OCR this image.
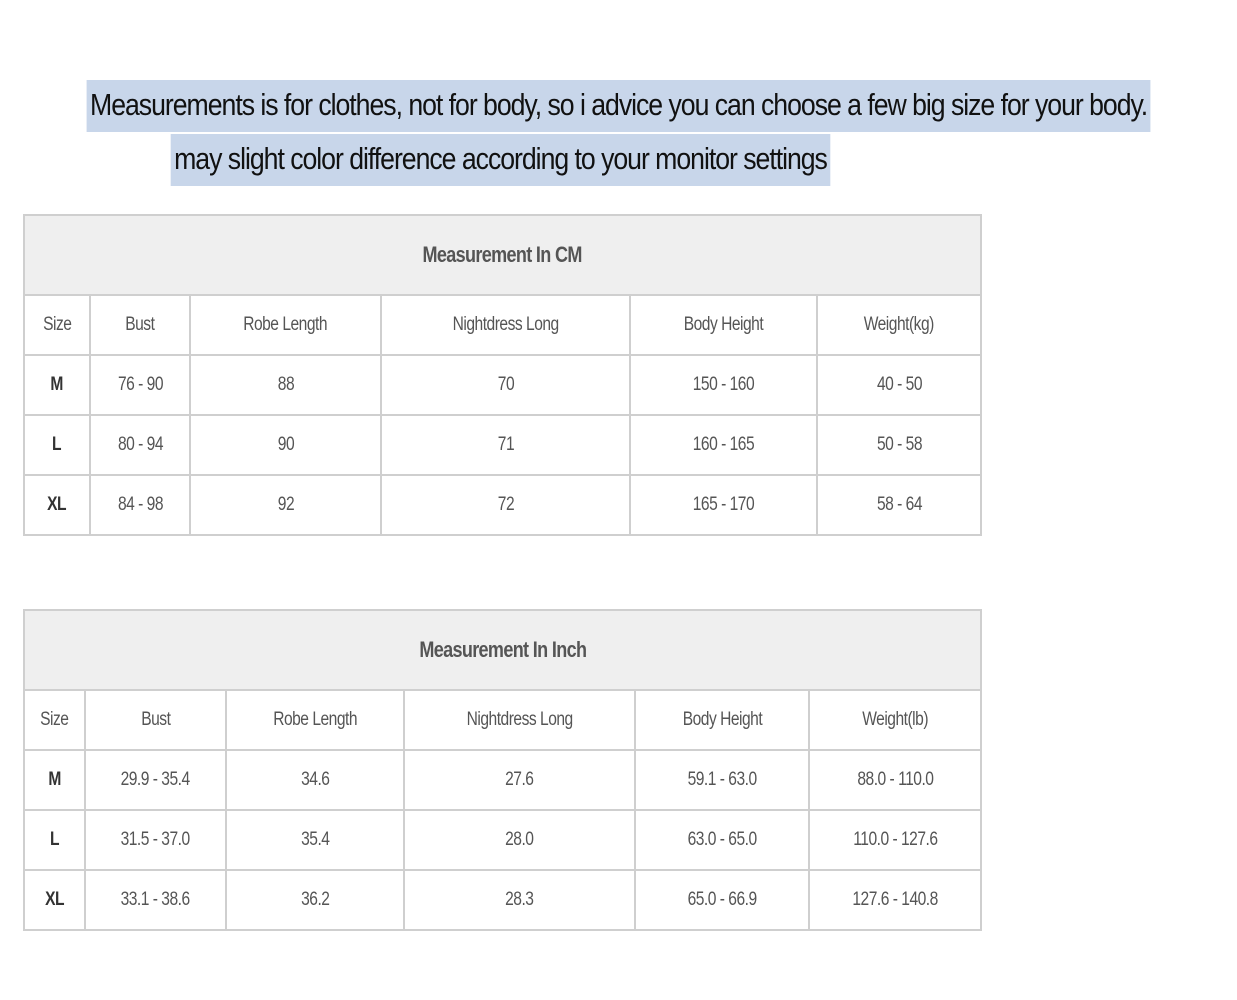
Measurements is for clothes, not for body, so i advice you can choose a few big size for your body.
may slight color difference according to your monitor settings
Measurement In CM					
Size	Bust	Robe Length	Nightdress Long	Body Height	Weight(kg)
M	76 - 90	88	70	150 - 160	40 - 50
L	80 - 94	90	71	160 - 165	50 - 58
XL	84 - 98	92	72	165 - 170	58 - 64
Measurement In Inch					
Size	Bust	Robe Length	Nightdress Long	Body Height	Weight(lb)
M	29.9 - 35.4	34.6	27.6	59.1 - 63.0	88.0 - 110.0
L	31.5 - 37.0	35.4	28.0	63.0 - 65.0	110.0 - 127.6
XL	33.1 - 38.6	36.2	28.3	65.0 - 66.9	127.6 - 140.8
